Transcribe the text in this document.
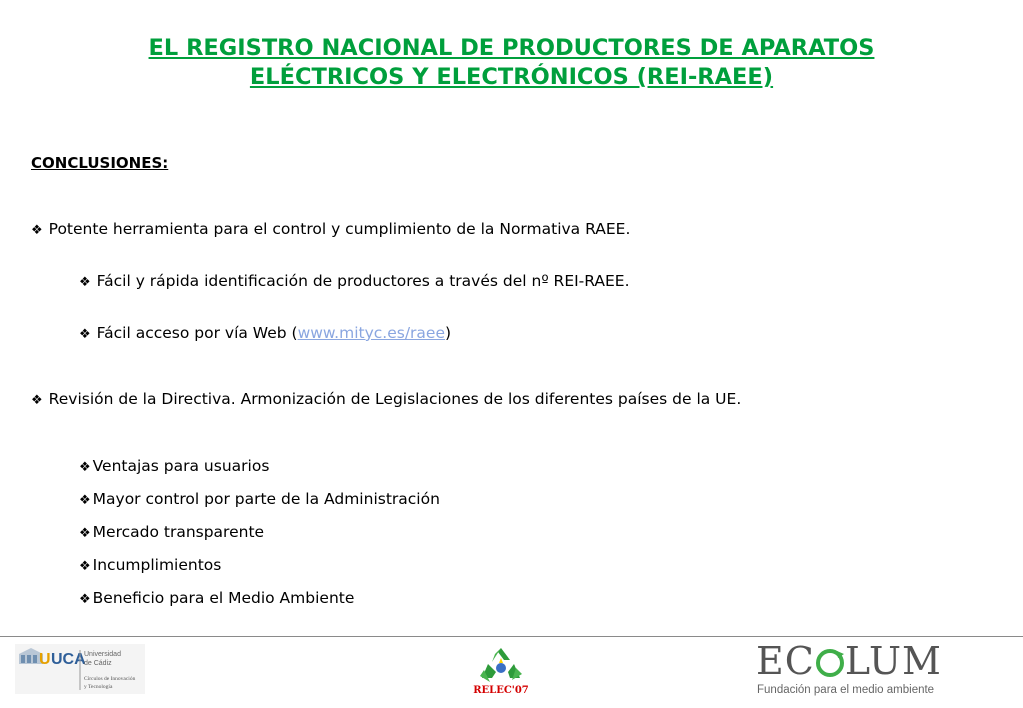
EL REGISTRO NACIONAL DE PRODUCTORES DE APARATOS
ELÉCTRICOS Y ELECTRÓNICOS (REI-RAEE)
CONCLUSIONES:
❖ Potente herramienta para el control y cumplimiento de la Normativa RAEE.
❖ Fácil y rápida identificación de productores a través del nº REI-RAEE.
❖ Fácil acceso por vía Web (www.mityc.es/raee)
❖ Revisión de la Directiva. Armonización de Legislaciones de los diferentes países de la UE.
❖ Ventajas para usuarios
❖ Mayor control por parte de la Administración
❖ Mercado transparente
❖ Incumplimientos
❖ Beneficio para el Medio Ambiente
U UCA
Universidad
de Cádiz
Círculos de Innovación
y Tecnología	RELEC'07
EC LUM
Fundación para el medio ambiente
